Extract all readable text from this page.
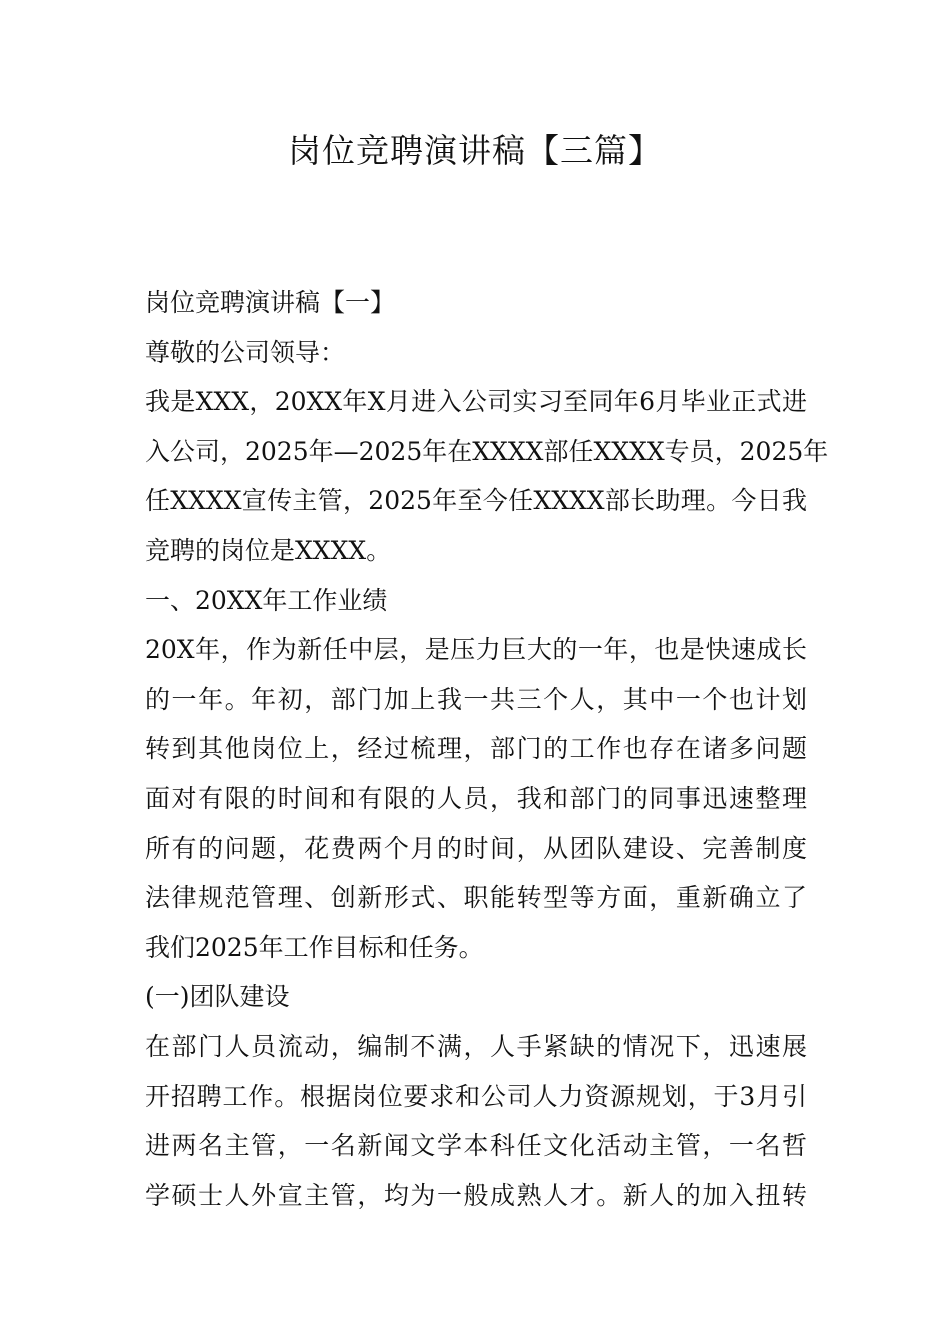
岗位竞聘演讲稿【三篇】
岗位竞聘演讲稿【一】
尊敬的公司领导：
我是XXX，20XX年X月进入公司实习至同年6月毕业正式进
入公司，2025年—2025年在XXXX部任XXXX专员，2025年
任XXXX宣传主管，2025年至今任XXXX部长助理。今日我
竞聘的岗位是XXXX。
一、20XX年工作业绩
20X年，作为新任中层，是压力巨大的一年，也是快速成长
的一年。年初，部门加上我一共三个人，其中一个也计划
转到其他岗位上，经过梳理，部门的工作也存在诸多问题
面对有限的时间和有限的人员，我和部门的同事迅速整理
所有的问题，花费两个月的时间，从团队建设、完善制度
法律规范管理、创新形式、职能转型等方面，重新确立了
我们2025年工作目标和任务。
(一)团队建设
在部门人员流动，编制不满，人手紧缺的情况下，迅速展
开招聘工作。根据岗位要求和公司人力资源规划，于3月引
进两名主管，一名新闻文学本科任文化活动主管，一名哲
学硕士人外宣主管，均为一般成熟人才。新人的加入扭转
